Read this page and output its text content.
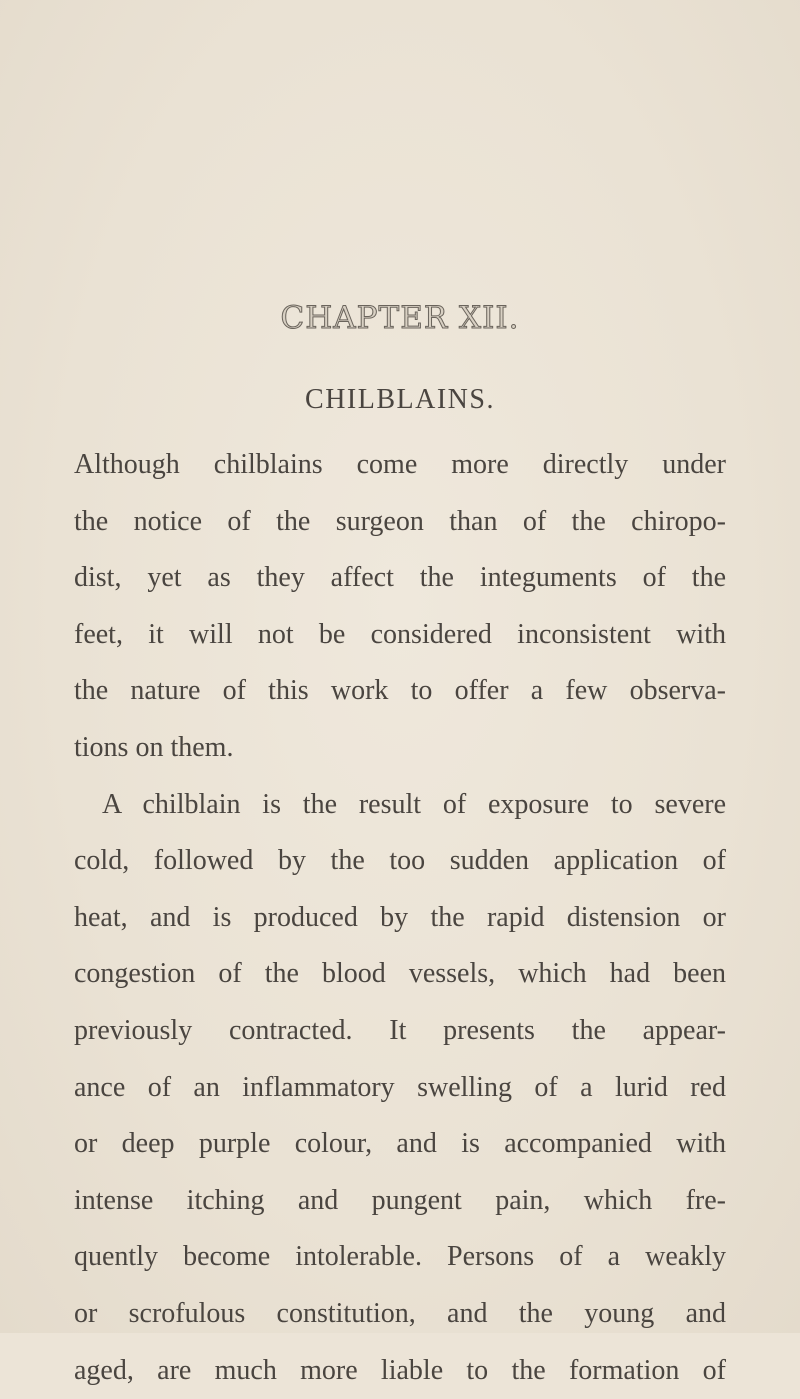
CHAPTER XII.
CHILBLAINS.
Although chilblains come more directly under
the notice of the surgeon than of the chiropo-
dist, yet as they affect the integuments of the
feet, it will not be considered inconsistent with
the nature of this work to offer a few observa-
tions on them.
A chilblain is the result of exposure to severe
cold, followed by the too sudden application of
heat, and is produced by the rapid distension or
congestion of the blood vessels, which had been
previously contracted. It presents the appear-
ance of an inflammatory swelling of a lurid red
or deep purple colour, and is accompanied with
intense itching and pungent pain, which fre-
quently become intolerable. Persons of a weakly
or scrofulous constitution, and the young and
aged, are much more liable to the formation of
